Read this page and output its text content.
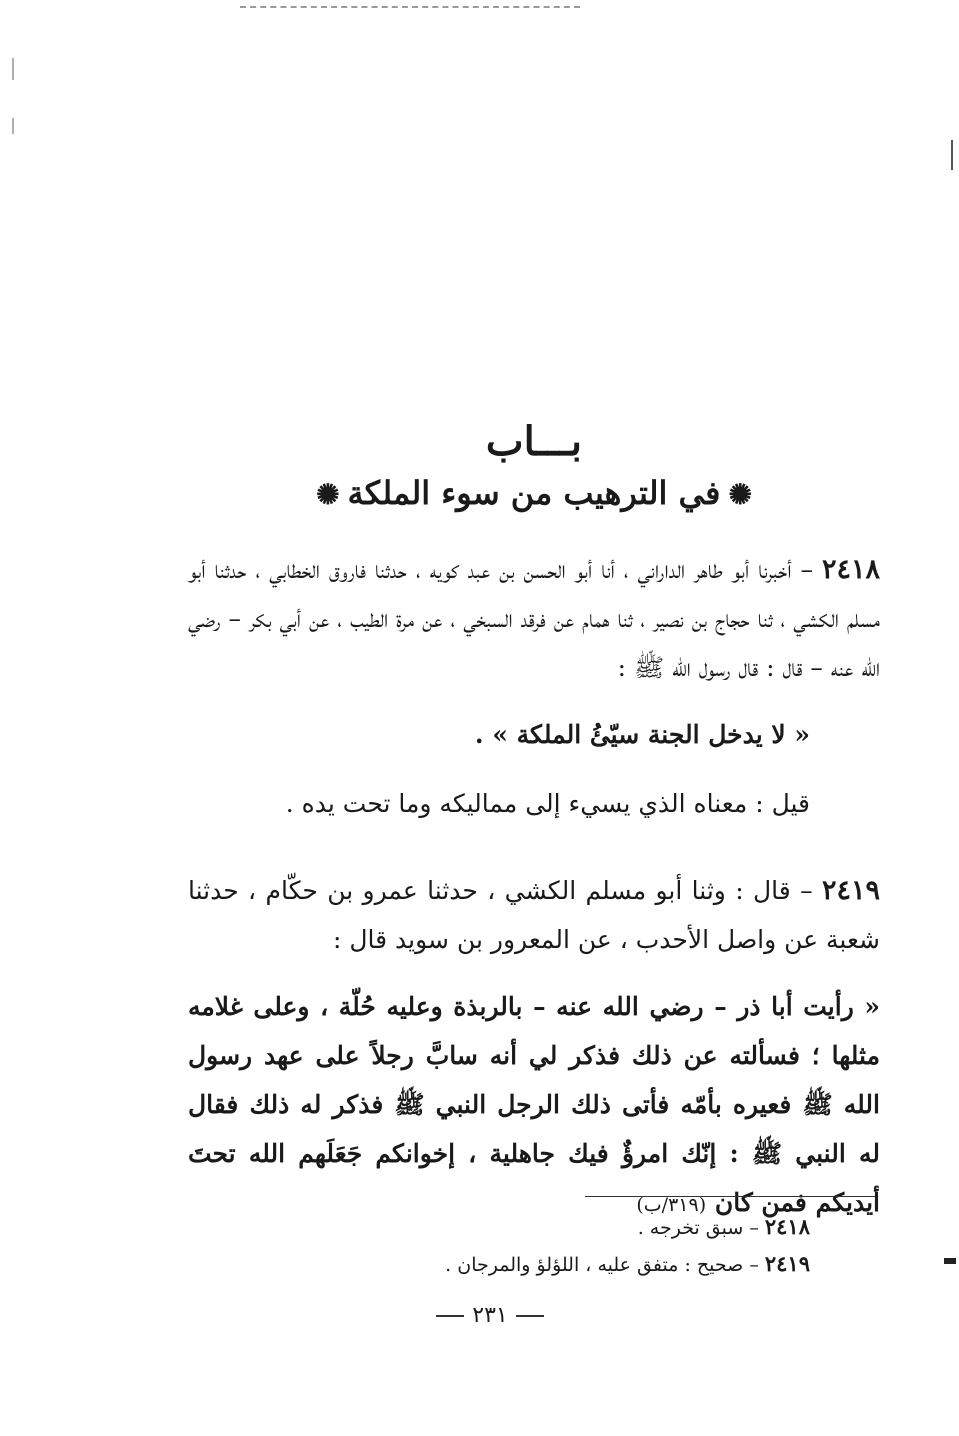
بـــاب
✺في الترهيب من سوء الملكة✺

٢٤١٨ – أخبرنا أبو طاهر الداراني ، أنا أبو الحسن بن عبد كويه ، حدثنا فاروق الخطابي ، حدثنا أبو مسلم الكشي ، ثنا حجاج بن نصير ، ثنا همام عن فرقد السبخي ، عن مرة الطيب ، عن أبي بكر – رضي الله عنه – قال : قال رسول الله ﷺ :

« لا يدخل الجنة سيّئُ الملكة » .

قيل : معناه الذي يسيء إلى مماليكه وما تحت يده .

٢٤١٩ – قال : وثنا أبو مسلم الكشي ، حدثنا عمرو بن حكّام ، حدثنا شعبة عن واصل الأحدب ، عن المعرور بن سويد قال :

« رأيت أبا ذر – رضي الله عنه – بالربذة وعليه حُلّة ، وعلى غلامه مثلها ؛ فسألته عن ذلك فذكر لي أنه سابَّ رجلاً على عهد رسول الله ﷺ فعيره بأمّه فأتى ذلك الرجل النبي ﷺ فذكر له ذلك فقال له النبي ﷺ : إنّك امرؤٌ فيك جاهلية ، إخوانكم جَعَلَهم الله تحتَ أيديكم فمن كان (٣١٩/ب)

٢٤١٨ – سبق تخرجه .
٢٤١٩ – صحيح : متفق عليه ، اللؤلؤ والمرجان .
٢٣١
